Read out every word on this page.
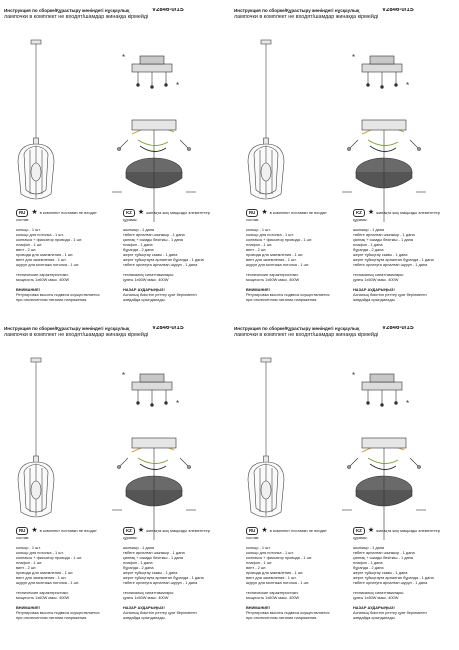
Инструкция по сборке/Құрастыру жөніндегі нұсқаулық	V2846-0/1S
лампочки в комплект не входят/шамдар жинаққа кірмейді
*
*
RU ★ в комплект поставки не входят
состав:
кольцо - 1 шт.
кольцо для потолка - 1 шт.
колпачок + фиксатор провода - 1 шт.
плафон - 1 шт.
винт - 2 шт.
провода для заземления - 1 шт.
винт для заземления - 1 шт.
шуруп для монтажа потолка - 1 шт.
технические характеристики:
мощность 1x60W макс. 400W
ВНИМАНИЕ!
Регулировка высоты подвеса осуществляется
при отключенном питании напряжения.
KZ ★ жинақта жоқ маңызды элементтер
құрамы:
шынжыр - 1 дана
төбеге арналған шынжыр - 1 дана
қалпақ + сымды бекіткіш - 1 дана
плафон - 1 дана
бұранда - 2 дана
жерге тұйықтау сымы - 1 дана
жерге тұйықтауға арналған бұранда - 1 дана
төбеге орнатуға арналған шуруп - 1 дана
техникалық сипаттамалары:
қуаты 1x60W макс. 400W
НАЗАР АУДАРЫҢЫЗ!
Аспаның биіктігін реттеу қуат берілмеген
жағдайда орындалады.
Инструкция по сборке/Құрастыру жөніндегі нұсқаулық	V2846-0/1S
лампочки в комплект не входят/шамдар жинаққа кірмейді
*
*
RU ★ в комплект поставки не входят
состав:
кольцо - 1 шт.
кольцо для потолка - 1 шт.
колпачок + фиксатор провода - 1 шт.
плафон - 1 шт.
винт - 2 шт.
провода для заземления - 1 шт.
винт для заземления - 1 шт.
шуруп для монтажа потолка - 1 шт.
технические характеристики:
мощность 1x60W макс. 400W
ВНИМАНИЕ!
Регулировка высоты подвеса осуществляется
при отключенном питании напряжения.
KZ ★ жинақта жоқ маңызды элементтер
құрамы:
шынжыр - 1 дана
төбеге арналған шынжыр - 1 дана
қалпақ + сымды бекіткіш - 1 дана
плафон - 1 дана
бұранда - 2 дана
жерге тұйықтау сымы - 1 дана
жерге тұйықтауға арналған бұранда - 1 дана
төбеге орнатуға арналған шуруп - 1 дана
техникалық сипаттамалары:
қуаты 1x60W макс. 400W
НАЗАР АУДАРЫҢЫЗ!
Аспаның биіктігін реттеу қуат берілмеген
жағдайда орындалады.
Инструкция по сборке/Құрастыру жөніндегі нұсқаулық	V2846-0/1S
лампочки в комплект не входят/шамдар жинаққа кірмейді
*
*
RU ★ в комплект поставки не входят
состав:
кольцо - 1 шт.
кольцо для потолка - 1 шт.
колпачок + фиксатор провода - 1 шт.
плафон - 1 шт.
винт - 2 шт.
провода для заземления - 1 шт.
винт для заземления - 1 шт.
шуруп для монтажа потолка - 1 шт.
технические характеристики:
мощность 1x60W макс. 400W
ВНИМАНИЕ!
Регулировка высоты подвеса осуществляется
при отключенном питании напряжения.
KZ ★ жинақта жоқ маңызды элементтер
құрамы:
шынжыр - 1 дана
төбеге арналған шынжыр - 1 дана
қалпақ + сымды бекіткіш - 1 дана
плафон - 1 дана
бұранда - 2 дана
жерге тұйықтау сымы - 1 дана
жерге тұйықтауға арналған бұранда - 1 дана
төбеге орнатуға арналған шуруп - 1 дана
техникалық сипаттамалары:
қуаты 1x60W макс. 400W
НАЗАР АУДАРЫҢЫЗ!
Аспаның биіктігін реттеу қуат берілмеген
жағдайда орындалады.
Инструкция по сборке/Құрастыру жөніндегі нұсқаулық	V2846-0/1S
лампочки в комплект не входят/шамдар жинаққа кірмейді
*
*
RU ★ в комплект поставки не входят
состав:
кольцо - 1 шт.
кольцо для потолка - 1 шт.
колпачок + фиксатор провода - 1 шт.
плафон - 1 шт.
винт - 2 шт.
провода для заземления - 1 шт.
винт для заземления - 1 шт.
шуруп для монтажа потолка - 1 шт.
технические характеристики:
мощность 1x60W макс. 400W
ВНИМАНИЕ!
Регулировка высоты подвеса осуществляется
при отключенном питании напряжения.
KZ ★ жинақта жоқ маңызды элементтер
құрамы:
шынжыр - 1 дана
төбеге арналған шынжыр - 1 дана
қалпақ + сымды бекіткіш - 1 дана
плафон - 1 дана
бұранда - 2 дана
жерге тұйықтау сымы - 1 дана
жерге тұйықтауға арналған бұранда - 1 дана
төбеге орнатуға арналған шуруп - 1 дана
техникалық сипаттамалары:
қуаты 1x60W макс. 400W
НАЗАР АУДАРЫҢЫЗ!
Аспаның биіктігін реттеу қуат берілмеген
жағдайда орындалады.
